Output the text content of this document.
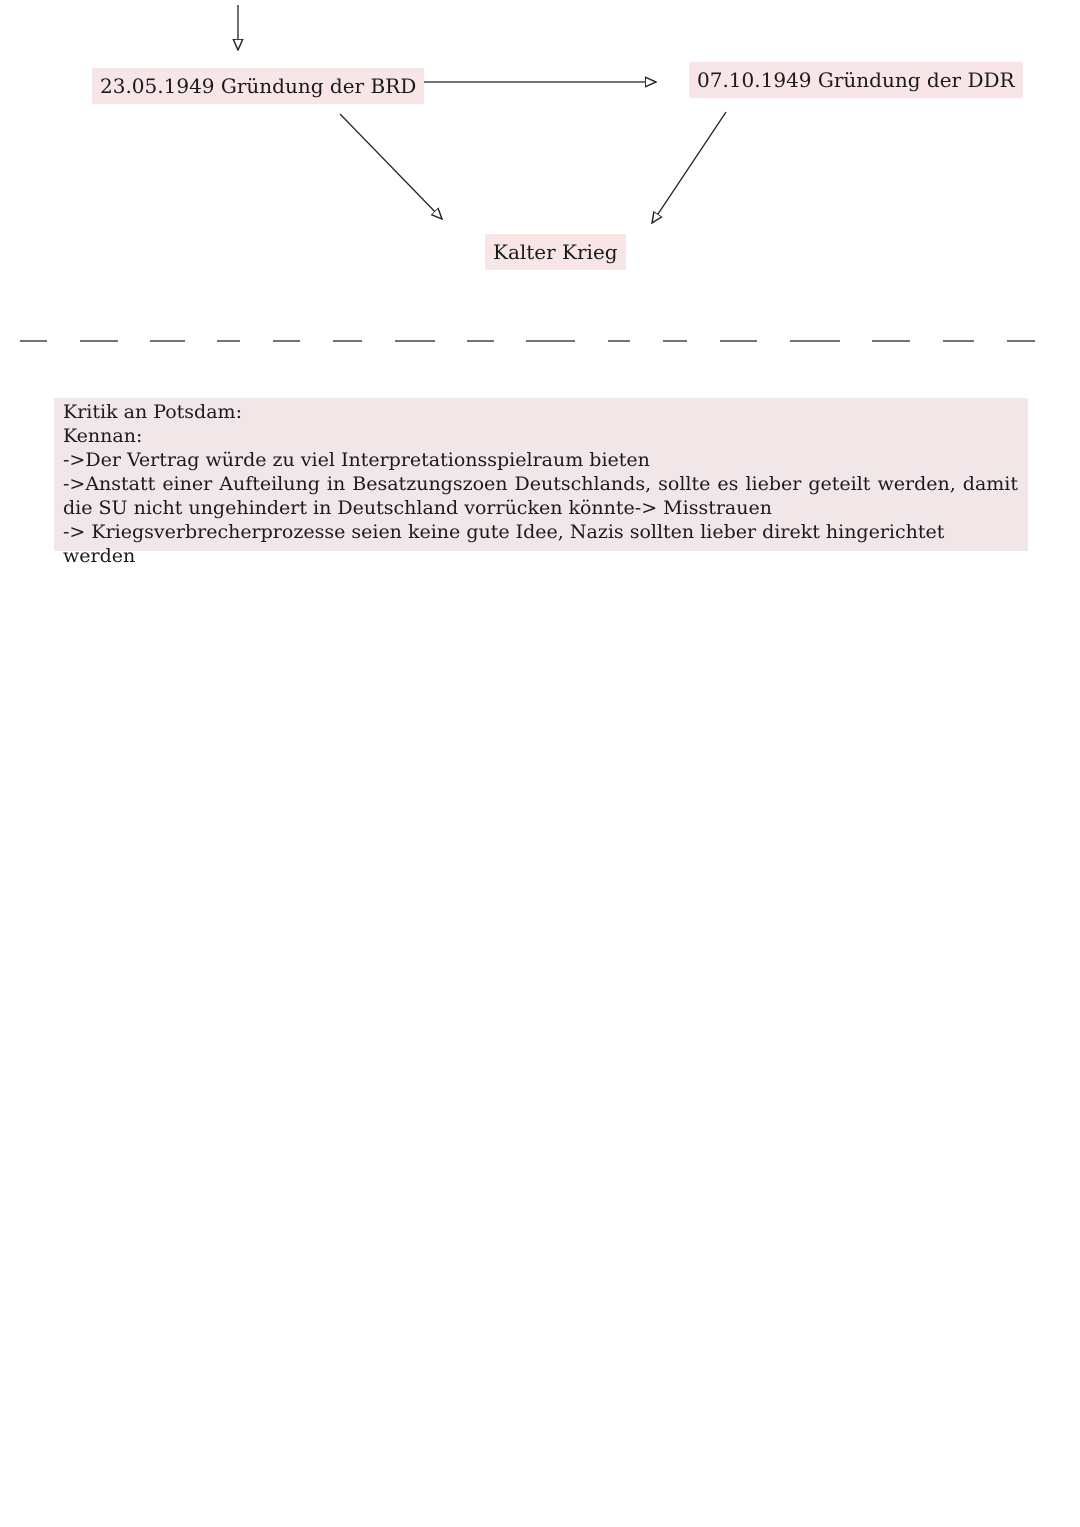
23.05.1949 Gründung der BRD	07.10.1949 Gründung der DDR
Kalter Krieg
Kritik an Potsdam:
Kennan:
->Der Vertrag würde zu viel Interpretationsspielraum bieten
->Anstatt einer Aufteilung in Besatzungszoen Deutschlands, sollte es lieber geteilt werden, damit die SU nicht ungehindert in Deutschland vorrücken könnte-> Misstrauen
-> Kriegsverbrecherprozesse seien keine gute Idee, Nazis sollten lieber direkt hingerichtet werden
